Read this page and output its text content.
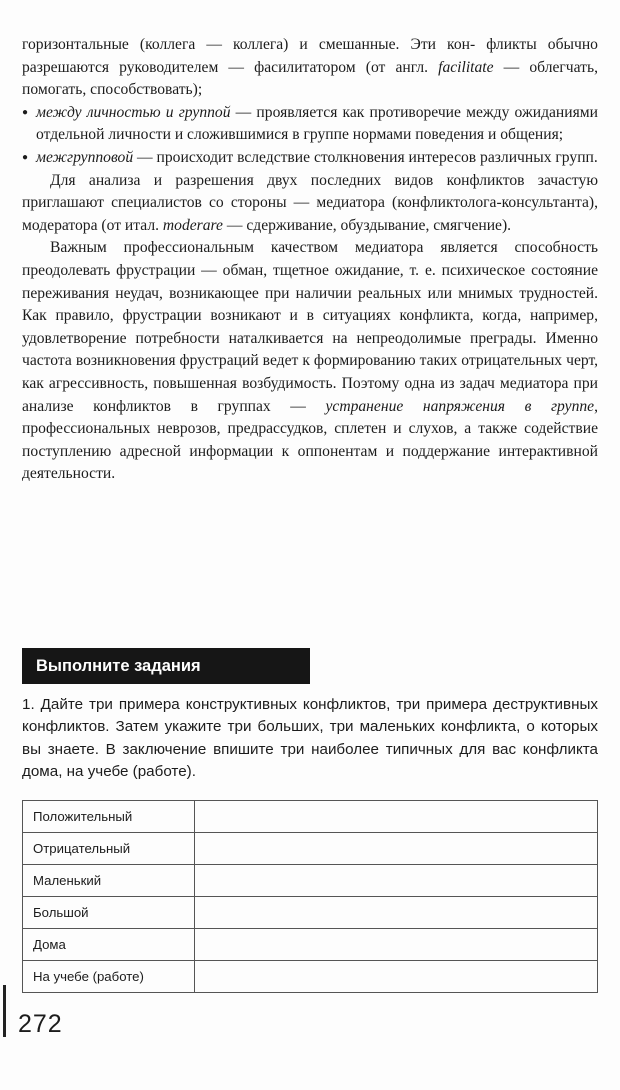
горизонтальные (коллега — коллега) и смешанные. Эти кон- фликты обычно разрешаются руководителем — фасилитатором (от англ. facilitate — облегчать, помогать, способствовать);

● между личностью и группой — проявляется как противоречие между ожиданиями отдельной личности и сложившимися в группе нормами поведения и общения;
● межгрупповой — происходит вследствие столкновения интересов различных групп.

Для анализа и разрешения двух последних видов конфликтов зачастую приглашают специалистов со стороны — медиатора (конфликтолога-консультанта), модератора (от итал. moderare — сдерживание, обуздывание, смягчение).

Важным профессиональным качеством медиатора является способность преодолевать фрустрации — обман, тщетное ожидание, т. е. психическое состояние переживания неудач, возникающее при наличии реальных или мнимых трудностей. Как правило, фрустрации возникают и в ситуациях конфликта, когда, например, удовлетворение потребности наталкивается на непреодолимые преграды. Именно частота возникновения фрустраций ведет к формированию таких отрицательных черт, как агрессивность, повышенная возбудимость. Поэтому одна из задач медиатора при анализе конфликтов в группах — устранение напряжения в группе, профессиональных неврозов, предрассудков, сплетен и слухов, а также содействие поступлению адресной информации к оппонентам и поддержание интерактивной деятельности.

Выполните задания
1. Дайте три примера конструктивных конфликтов, три примера деструктивных конфликтов. Затем укажите три больших, три маленьких конфликта, о которых вы знаете. В заключение впишите три наиболее типичных для вас конфликта дома, на учебе (работе).
Положительный	
Отрицательный	
Маленький	
Большой	
Дома	
На учебе (работе)	
272
